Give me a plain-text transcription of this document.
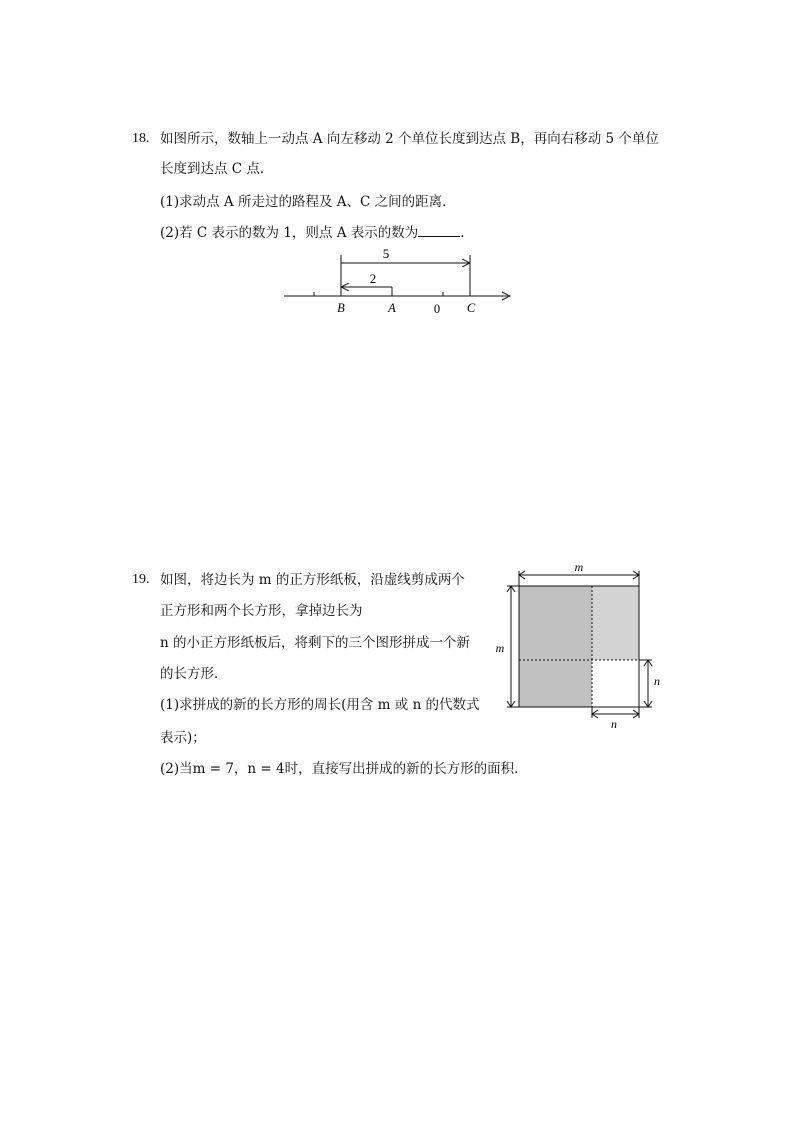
18. 如图所示，数轴上一动点 A 向左移动 2 个单位长度到达点 B，再向右移动 5 个单位
长度到达点 C 点．
(1)求动点 A 所走过的路程及 A、C 之间的距离．
(2)若 C 表示的数为 1，则点 A 表示的数为	.
5
2
B	A	0 C
19. 如图，将边长为 m 的正方形纸板，沿虚线剪成两个
正方形和两个长方形，拿掉边长为
n 的小正方形纸板后，将剩下的三个图形拼成一个新
的长方形．
(1)求拼成的新的长方形的周长(用含 m 或 n 的代数式
表示)；
(2)当m = 7，n = 4时，直接写出拼成的新的长方形的面积．
m
m
n
n
